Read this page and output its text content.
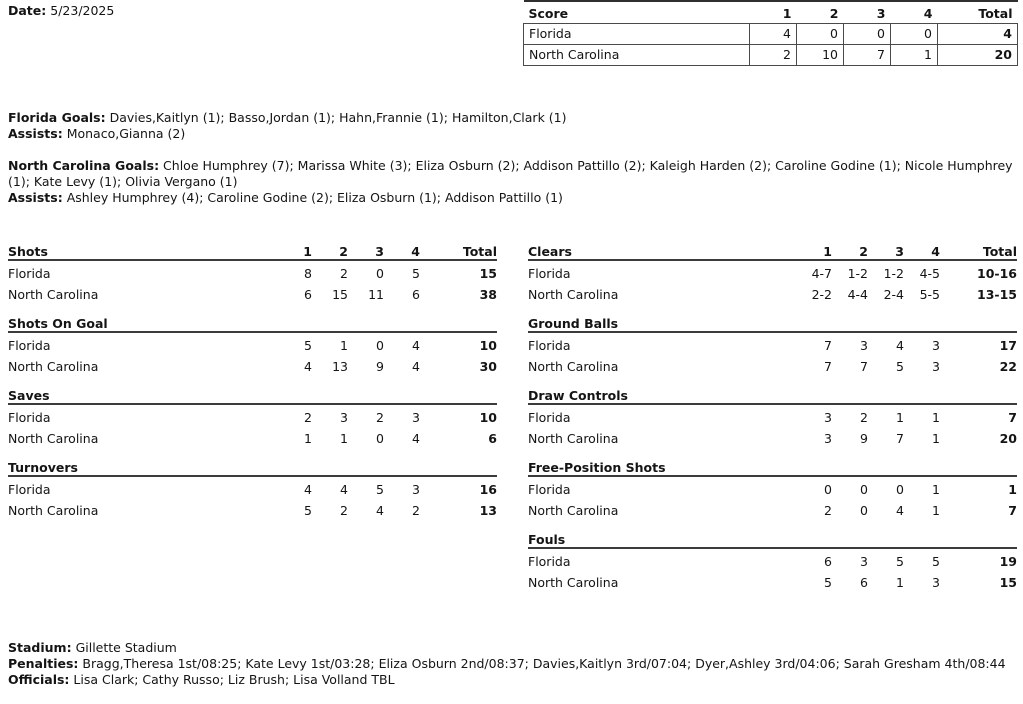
Date: 5/23/2025	Score	1	2	3	4	Total
Florida	4	0	0	0	4
North Carolina	2	10	7	1	20
Florida Goals: Davies,Kaitlyn (1); Basso,Jordan (1); Hahn,Frannie (1); Hamilton,Clark (1)
Assists: Monaco,Gianna (2)
North Carolina Goals: Chloe Humphrey (7); Marissa White (3); Eliza Osburn (2); Addison Pattillo (2); Kaleigh Harden (2); Caroline Godine (1); Nicole Humphrey (1); Kate Levy (1); Olivia Vergano (1)
Assists: Ashley Humphrey (4); Caroline Godine (2); Eliza Osburn (1); Addison Pattillo (1)
Shots	1	2	3	4	Total
Florida	8	2	0	5	15
North Carolina	6	15	11	6	38
Shots On Goal
Florida	5	1	0	4	10
North Carolina	4	13	9	4	30
Saves
Florida	2	3	2	3	10
North Carolina	1	1	0	4	6
Turnovers
Florida	4	4	5	3	16
North Carolina	5	2	4	2	13
Clears	1	2	3	4	Total
Florida	4-7	1-2	1-2	4-5	10-16
North Carolina	2-2	4-4	2-4	5-5	13-15
Ground Balls
Florida	7	3	4	3	17
North Carolina	7	7	5	3	22
Draw Controls
Florida	3	2	1	1	7
North Carolina	3	9	7	1	20
Free-Position Shots
Florida	0	0	0	1	1
North Carolina	2	0	4	1	7
Fouls
Florida	6	3	5	5	19
North Carolina	5	6	1	3	15
Stadium: Gillette Stadium
Penalties: Bragg,Theresa 1st/08:25; Kate Levy 1st/03:28; Eliza Osburn 2nd/08:37; Davies,Kaitlyn 3rd/07:04; Dyer,Ashley 3rd/04:06; Sarah Gresham 4th/08:44
Officials: Lisa Clark; Cathy Russo; Liz Brush; Lisa Volland TBL
